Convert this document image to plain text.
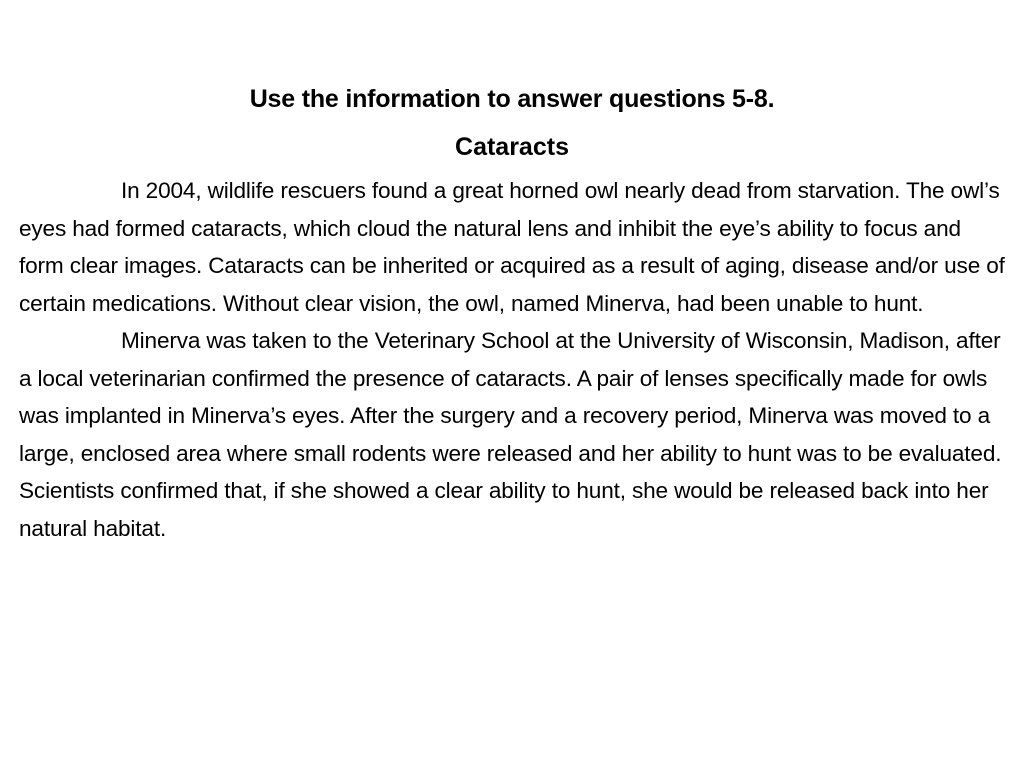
Use the information to answer questions 5-8.
Cataracts

In 2004, wildlife rescuers found a great horned owl nearly dead from starvation. The owl’s eyes had formed cataracts, which cloud the natural lens and inhibit the eye’s ability to focus and form clear images. Cataracts can be inherited or acquired as a result of aging, disease and/or use of certain medications. Without clear vision, the owl, named Minerva, had been unable to hunt.

Minerva was taken to the Veterinary School at the University of Wisconsin, Madison, after a local veterinarian confirmed the presence of cataracts. A pair of lenses specifically made for owls was implanted in Minerva’s eyes. After the surgery and a recovery period, Minerva was moved to a large, enclosed area where small rodents were released and her ability to hunt was to be evaluated. Scientists confirmed that, if she showed a clear ability to hunt, she would be released back into her natural habitat.
